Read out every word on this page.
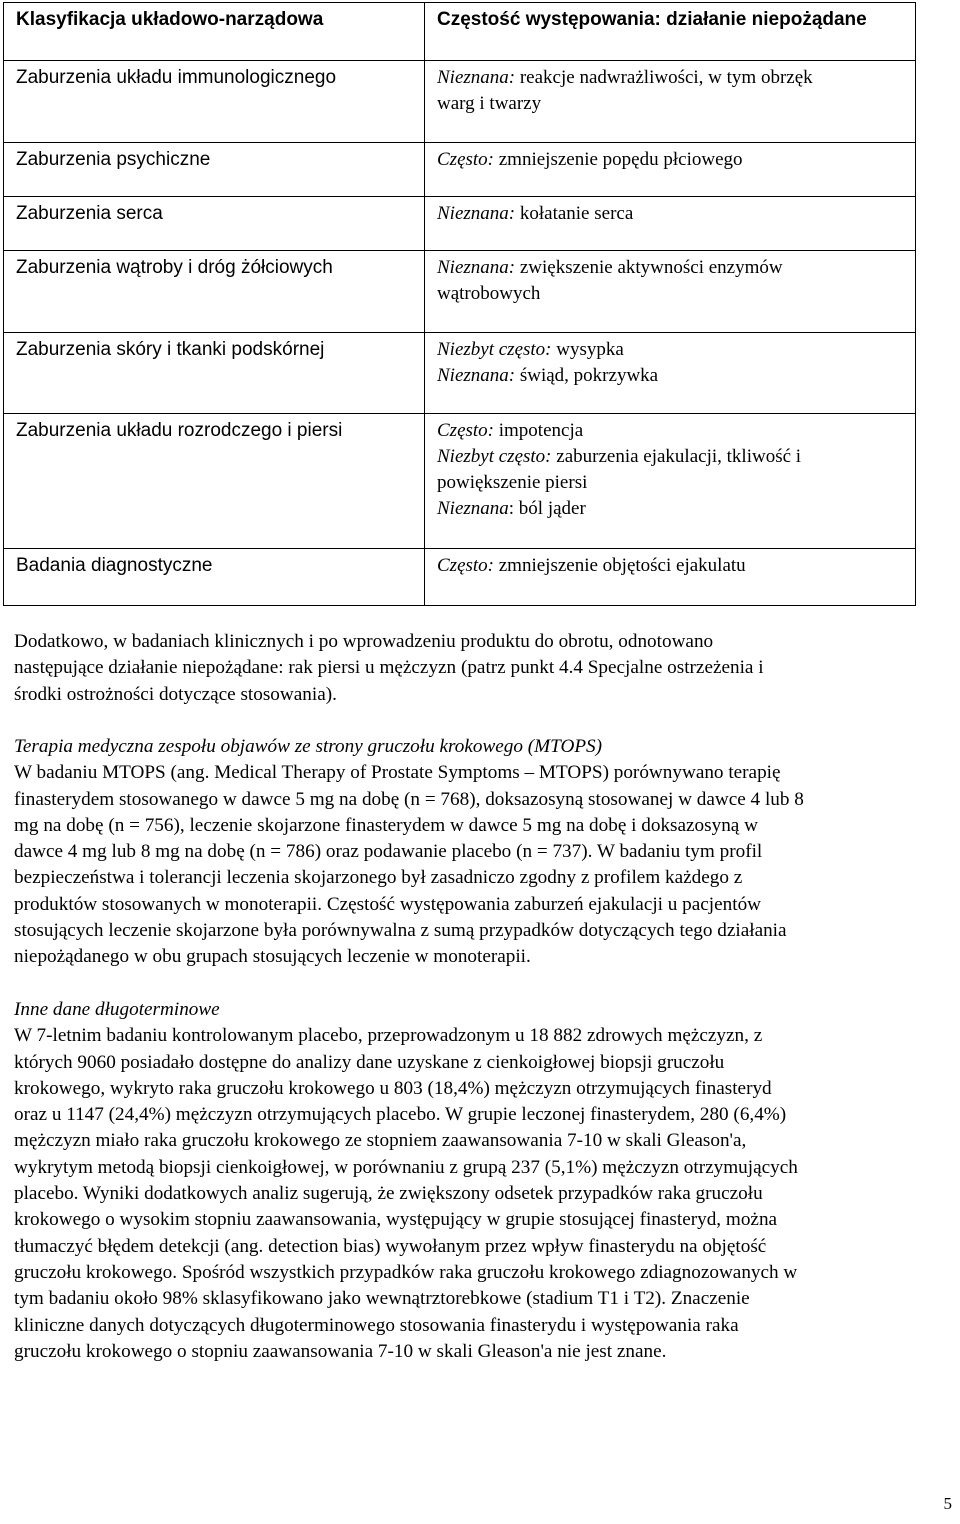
Klasyfikacja układowo-narządowa	Częstość występowania: działanie niepożądane
Zaburzenia układu immunologicznego	Nieznana: reakcje nadwrażliwości, w tym obrzęk
warg i twarzy

Zaburzenia psychiczne	Często: zmniejszenie popędu płciowego

Zaburzenia serca	Nieznana: kołatanie serca

Zaburzenia wątroby i dróg żółciowych	Nieznana: zwiększenie aktywności enzymów
wątrobowych

Zaburzenia skóry i tkanki podskórnej	Niezbyt często: wysypka
Nieznana: świąd, pokrzywka

Zaburzenia układu rozrodczego i piersi	Często: impotencja
Niezbyt często: zaburzenia ejakulacji, tkliwość i
powiększenie piersi
Nieznana: ból jąder

Badania diagnostyczne	Często: zmniejszenie objętości ejakulatu

Dodatkowo, w badaniach klinicznych i po wprowadzeniu produktu do obrotu, odnotowano

następujące działanie niepożądane: rak piersi u mężczyzn (patrz punkt 4.4 Specjalne ostrzeżenia i

środki ostrożności dotyczące stosowania).

Terapia medyczna zespołu objawów ze strony gruczołu krokowego (MTOPS)

W badaniu MTOPS (ang. Medical Therapy of Prostate Symptoms – MTOPS) porównywano terapię

finasterydem stosowanego w dawce 5 mg na dobę (n = 768), doksazosyną stosowanej w dawce 4 lub 8

mg na dobę (n = 756), leczenie skojarzone finasterydem w dawce 5 mg na dobę i doksazosyną w

dawce 4 mg lub 8 mg na dobę (n = 786) oraz podawanie placebo (n = 737). W badaniu tym profil

bezpieczeństwa i tolerancji leczenia skojarzonego był zasadniczo zgodny z profilem każdego z

produktów stosowanych w monoterapii. Częstość występowania zaburzeń ejakulacji u pacjentów

stosujących leczenie skojarzone była porównywalna z sumą przypadków dotyczących tego działania

niepożądanego w obu grupach stosujących leczenie w monoterapii.

Inne dane długoterminowe

W 7-letnim badaniu kontrolowanym placebo, przeprowadzonym u 18 882 zdrowych mężczyzn, z

których 9060 posiadało dostępne do analizy dane uzyskane z cienkoigłowej biopsji gruczołu

krokowego, wykryto raka gruczołu krokowego u 803 (18,4%) mężczyzn otrzymujących finasteryd

oraz u 1147 (24,4%) mężczyzn otrzymujących placebo. W grupie leczonej finasterydem, 280 (6,4%)

mężczyzn miało raka gruczołu krokowego ze stopniem zaawansowania 7-10 w skali Gleason'a,

wykrytym metodą biopsji cienkoigłowej, w porównaniu z grupą 237 (5,1%) mężczyzn otrzymujących

placebo. Wyniki dodatkowych analiz sugerują, że zwiększony odsetek przypadków raka gruczołu

krokowego o wysokim stopniu zaawansowania, występujący w grupie stosującej finasteryd, można

tłumaczyć błędem detekcji (ang. detection bias) wywołanym przez wpływ finasterydu na objętość

gruczołu krokowego. Spośród wszystkich przypadków raka gruczołu krokowego zdiagnozowanych w

tym badaniu około 98% sklasyfikowano jako wewnątrztorebkowe (stadium T1 i T2). Znaczenie

kliniczne danych dotyczących długoterminowego stosowania finasterydu i występowania raka

gruczołu krokowego o stopniu zaawansowania 7-10 w skali Gleason'a nie jest znane.

5
